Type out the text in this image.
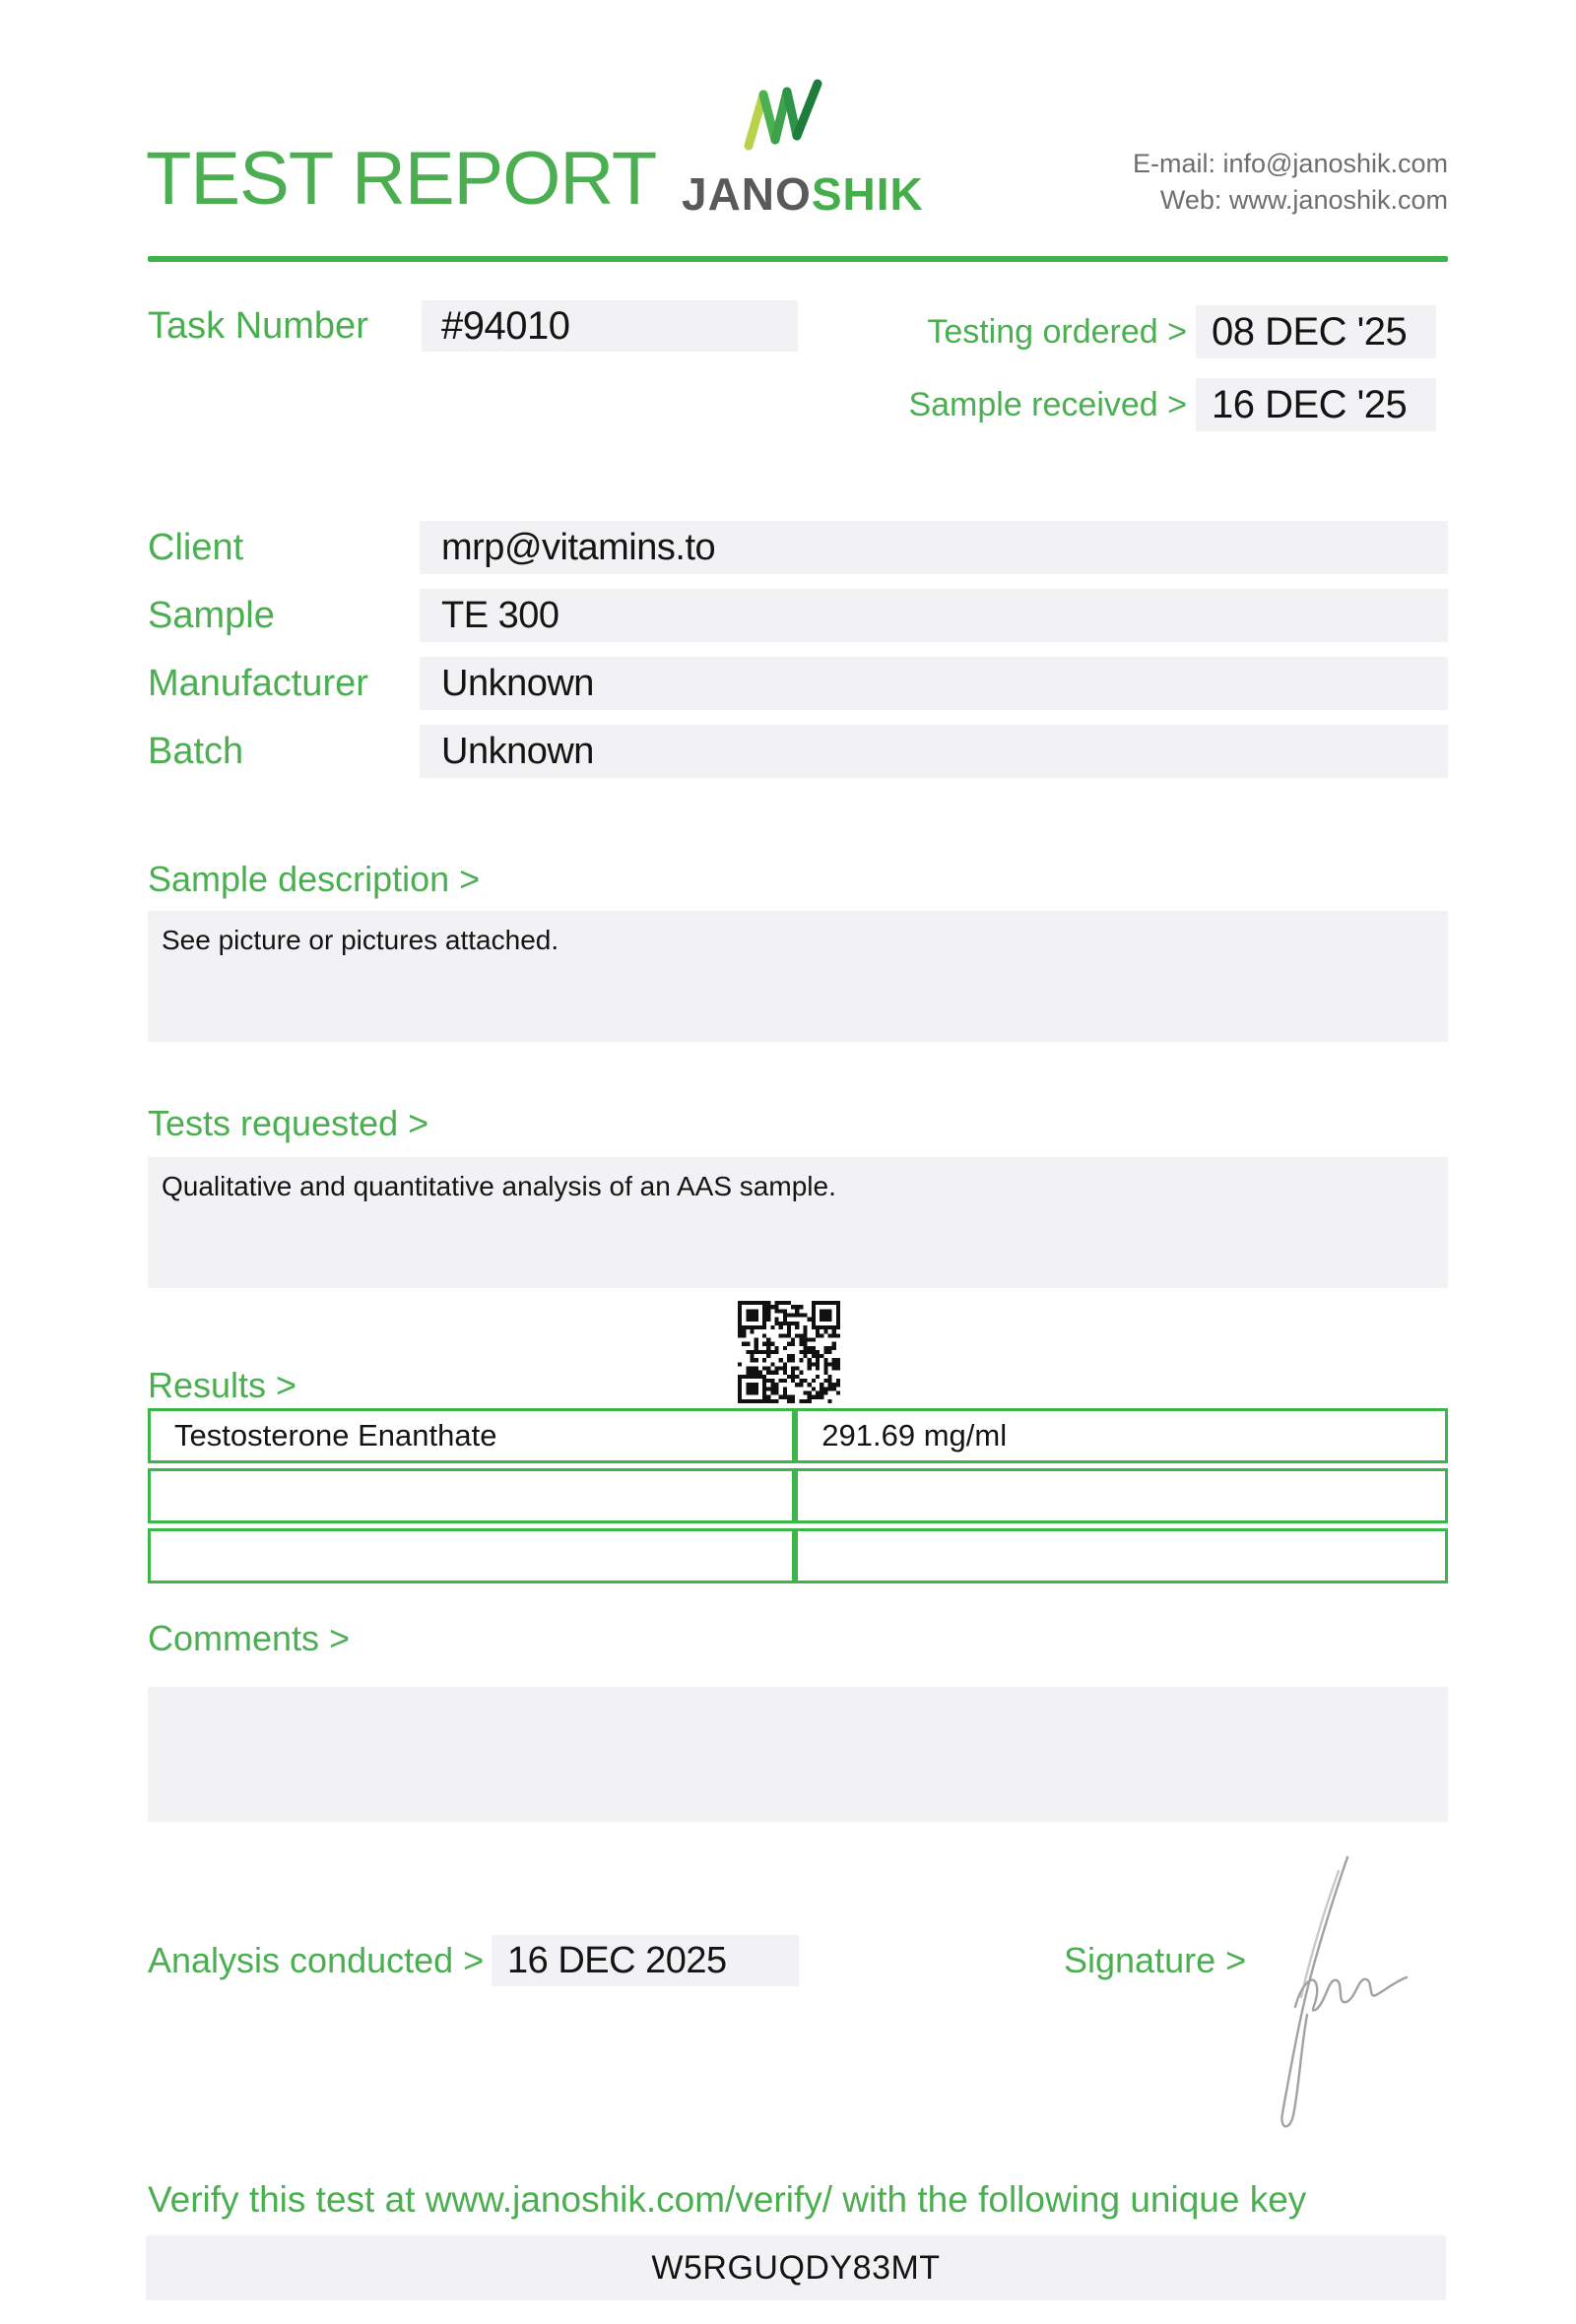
TEST REPORT JANOSHIK
E-mail: info@janoshik.com
Web: www.janoshik.com
Task Number #94010	Testing ordered > 08 DEC '25
Sample received > 16 DEC '25
Client	mrp@vitamins.to
Sample	TE 300
Manufacturer Unknown
Batch	Unknown
Sample description >
See picture or pictures attached.
Tests requested >
Qualitative and quantitative analysis of an AAS sample.
Results >
Testosterone Enanthate	291.69 mg/ml

Comments >
Analysis conducted > 16 DEC 2025	Signature >
Verify this test at www.janoshik.com/verify/ with the following unique key
W5RGUQDY83MT
